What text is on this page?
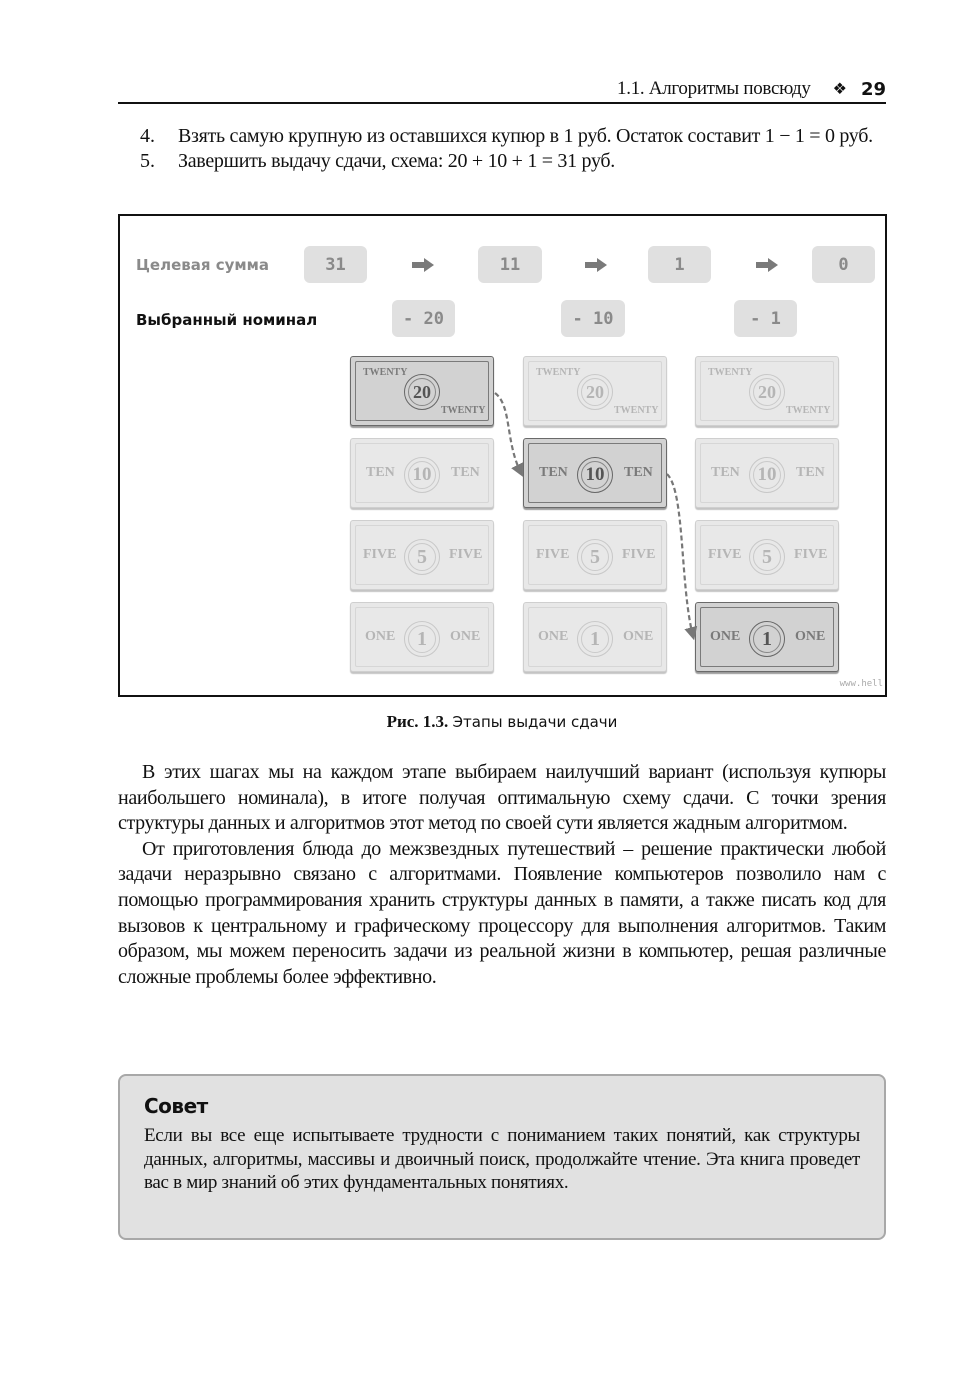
1.1. Алгоритмы повсюду ❖ 29
4.	Взять самую крупную из оставшихся купюр в 1 руб. Остаток составит 1 − 1 = 0 руб.
5.	Завершить выдачу сдачи, схема: 20 + 10 + 1 = 31 руб.
Целевая сумма
Выбранный номинал
31	11	1	0
- 20	- 10	- 1
TWENTY
20
TWENTY
TEN 10	TEN
FIVE	5	FIVE
ONE	1	ONE
TWENTY
20
TWENTY
TEN 10	TEN
FIVE	5	FIVE
ONE	1	ONE
TWENTY
20
TWENTY
TEN 10	TEN
FIVE	5	FIVE
ONE	1	ONE
www.hell
Рис. 1.3. Этапы выдачи сдачи

В этих шагах мы на каждом этапе выбираем наилучший вариант (используя купюры наибольшего номинала), в итоге получая оптимальную схему сдачи. С точки зрения структуры данных и алгоритмов этот метод по своей сути является жадным алгоритмом.

От приготовления блюда до межзвездных путешествий – решение практически любой задачи неразрывно связано с алгоритмами. Появление компьютеров позволило нам с помощью программирования хранить структуры данных в памяти, а также писать код для вызовов к центральному и графическому процессору для выполнения алгоритмов. Таким образом, мы можем переносить задачи из реальной жизни в компьютер, решая различные сложные проблемы более эффективно.

Совет
Если вы все еще испытываете трудности с пониманием таких понятий, как структуры данных, алгоритмы, массивы и двоичный поиск, продолжайте чтение. Эта книга проведет вас в мир знаний об этих фундаментальных понятиях.
